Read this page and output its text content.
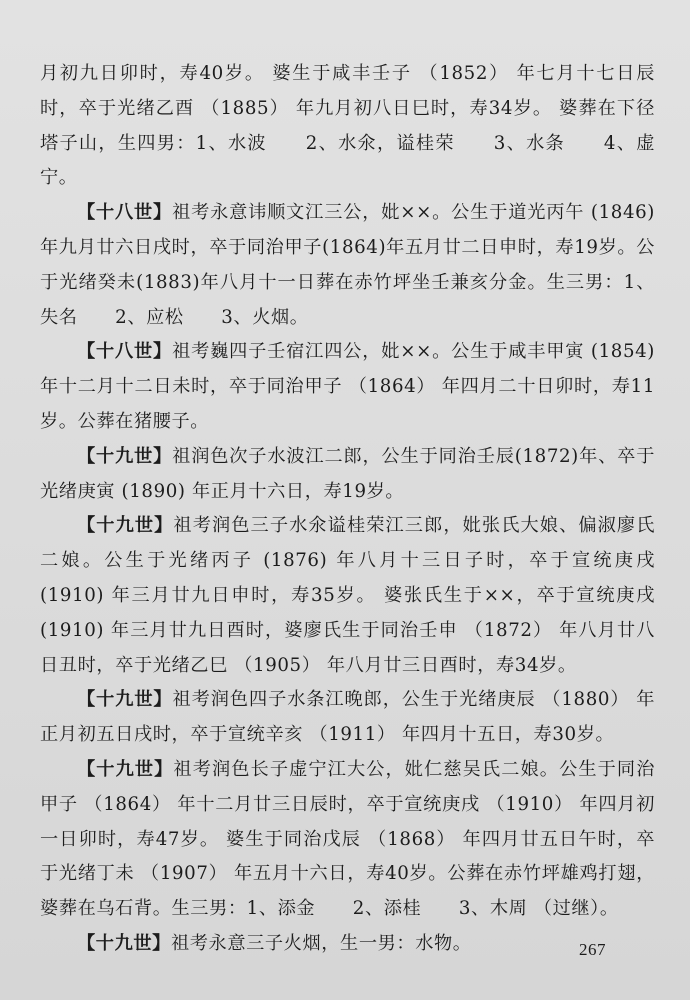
月初九日卯时，寿40岁。 婆生于咸丰壬子 （1852） 年七月十七日辰时，卒于光绪乙酉 （1885） 年九月初八日巳时，寿34岁。 婆葬在下径塔子山，生四男：1、水波　　2、水氽，谥桂荣　　3、水条　　4、虚宁。

【十八世】祖考永意讳顺文江三公，妣××。公生于道光丙午 (1846) 年九月廿六日戌时，卒于同治甲子(1864)年五月廿二日申时，寿19岁。公于光绪癸未(1883)年八月十一日葬在赤竹坪坐壬兼亥分金。生三男：1、失名　　2、应松　　3、火烟。

【十八世】祖考巍四子壬宿江四公，妣××。公生于咸丰甲寅 (1854) 年十二月十二日未时，卒于同治甲子 （1864） 年四月二十日卯时，寿11岁。公葬在猪腰子。

【十九世】祖润色次子水波江二郎，公生于同治壬辰(1872)年、卒于光绪庚寅 (1890) 年正月十六日，寿19岁。

【十九世】祖考润色三子水氽谥桂荣江三郎，妣张氏大娘、偏淑廖氏二娘。公生于光绪丙子 (1876) 年八月十三日子时，卒于宣统庚戌 (1910) 年三月廿九日申时，寿35岁。 婆张氏生于××，卒于宣统庚戌 (1910) 年三月廿九日酉时，婆廖氏生于同治壬申 （1872） 年八月廿八日丑时，卒于光绪乙巳 （1905） 年八月廿三日酉时，寿34岁。

【十九世】祖考润色四子水条江晚郎，公生于光绪庚辰 （1880） 年正月初五日戌时，卒于宣统辛亥 （1911） 年四月十五日，寿30岁。

【十九世】祖考润色长子虚宁江大公，妣仁慈吴氏二娘。公生于同治甲子 （1864） 年十二月廿三日辰时，卒于宣统庚戌 （1910） 年四月初一日卯时，寿47岁。 婆生于同治戊辰 （1868） 年四月廿五日午时，卒于光绪丁未 （1907） 年五月十六日，寿40岁。公葬在赤竹坪雄鸡打翅，婆葬在乌石背。生三男：1、添金　　2、添桂　　3、木周 （过继）。

【十九世】祖考永意三子火烟，生一男：水物。	267
